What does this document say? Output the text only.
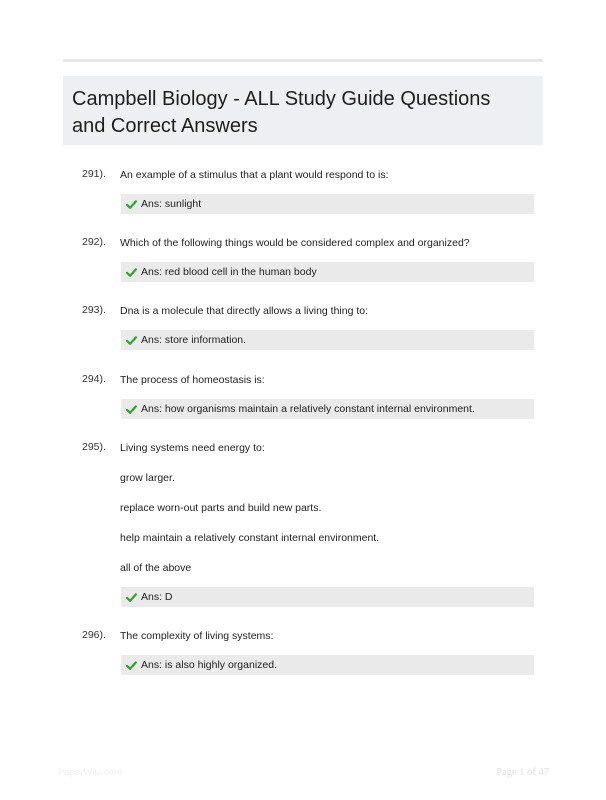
Campbell Biology - ALL Study Guide Questions
and Correct Answers
291). An example of a stimulus that a plant would respond to is:
Ans: sunlight
292). Which of the following things would be considered complex and organized?
Ans: red blood cell in the human body
293). Dna is a molecule that directly allows a living thing to:
Ans: store information.
294). The process of homeostasis is:
Ans: how organisms maintain a relatively constant internal environment.
295). Living systems need energy to:
grow larger.
replace worn-out parts and build new parts.
help maintain a relatively constant internal environment.
all of the above
Ans: D
296). The complexity of living systems:
Ans: is also highly organized.
PaperWiki.com	Page 1 of 47
